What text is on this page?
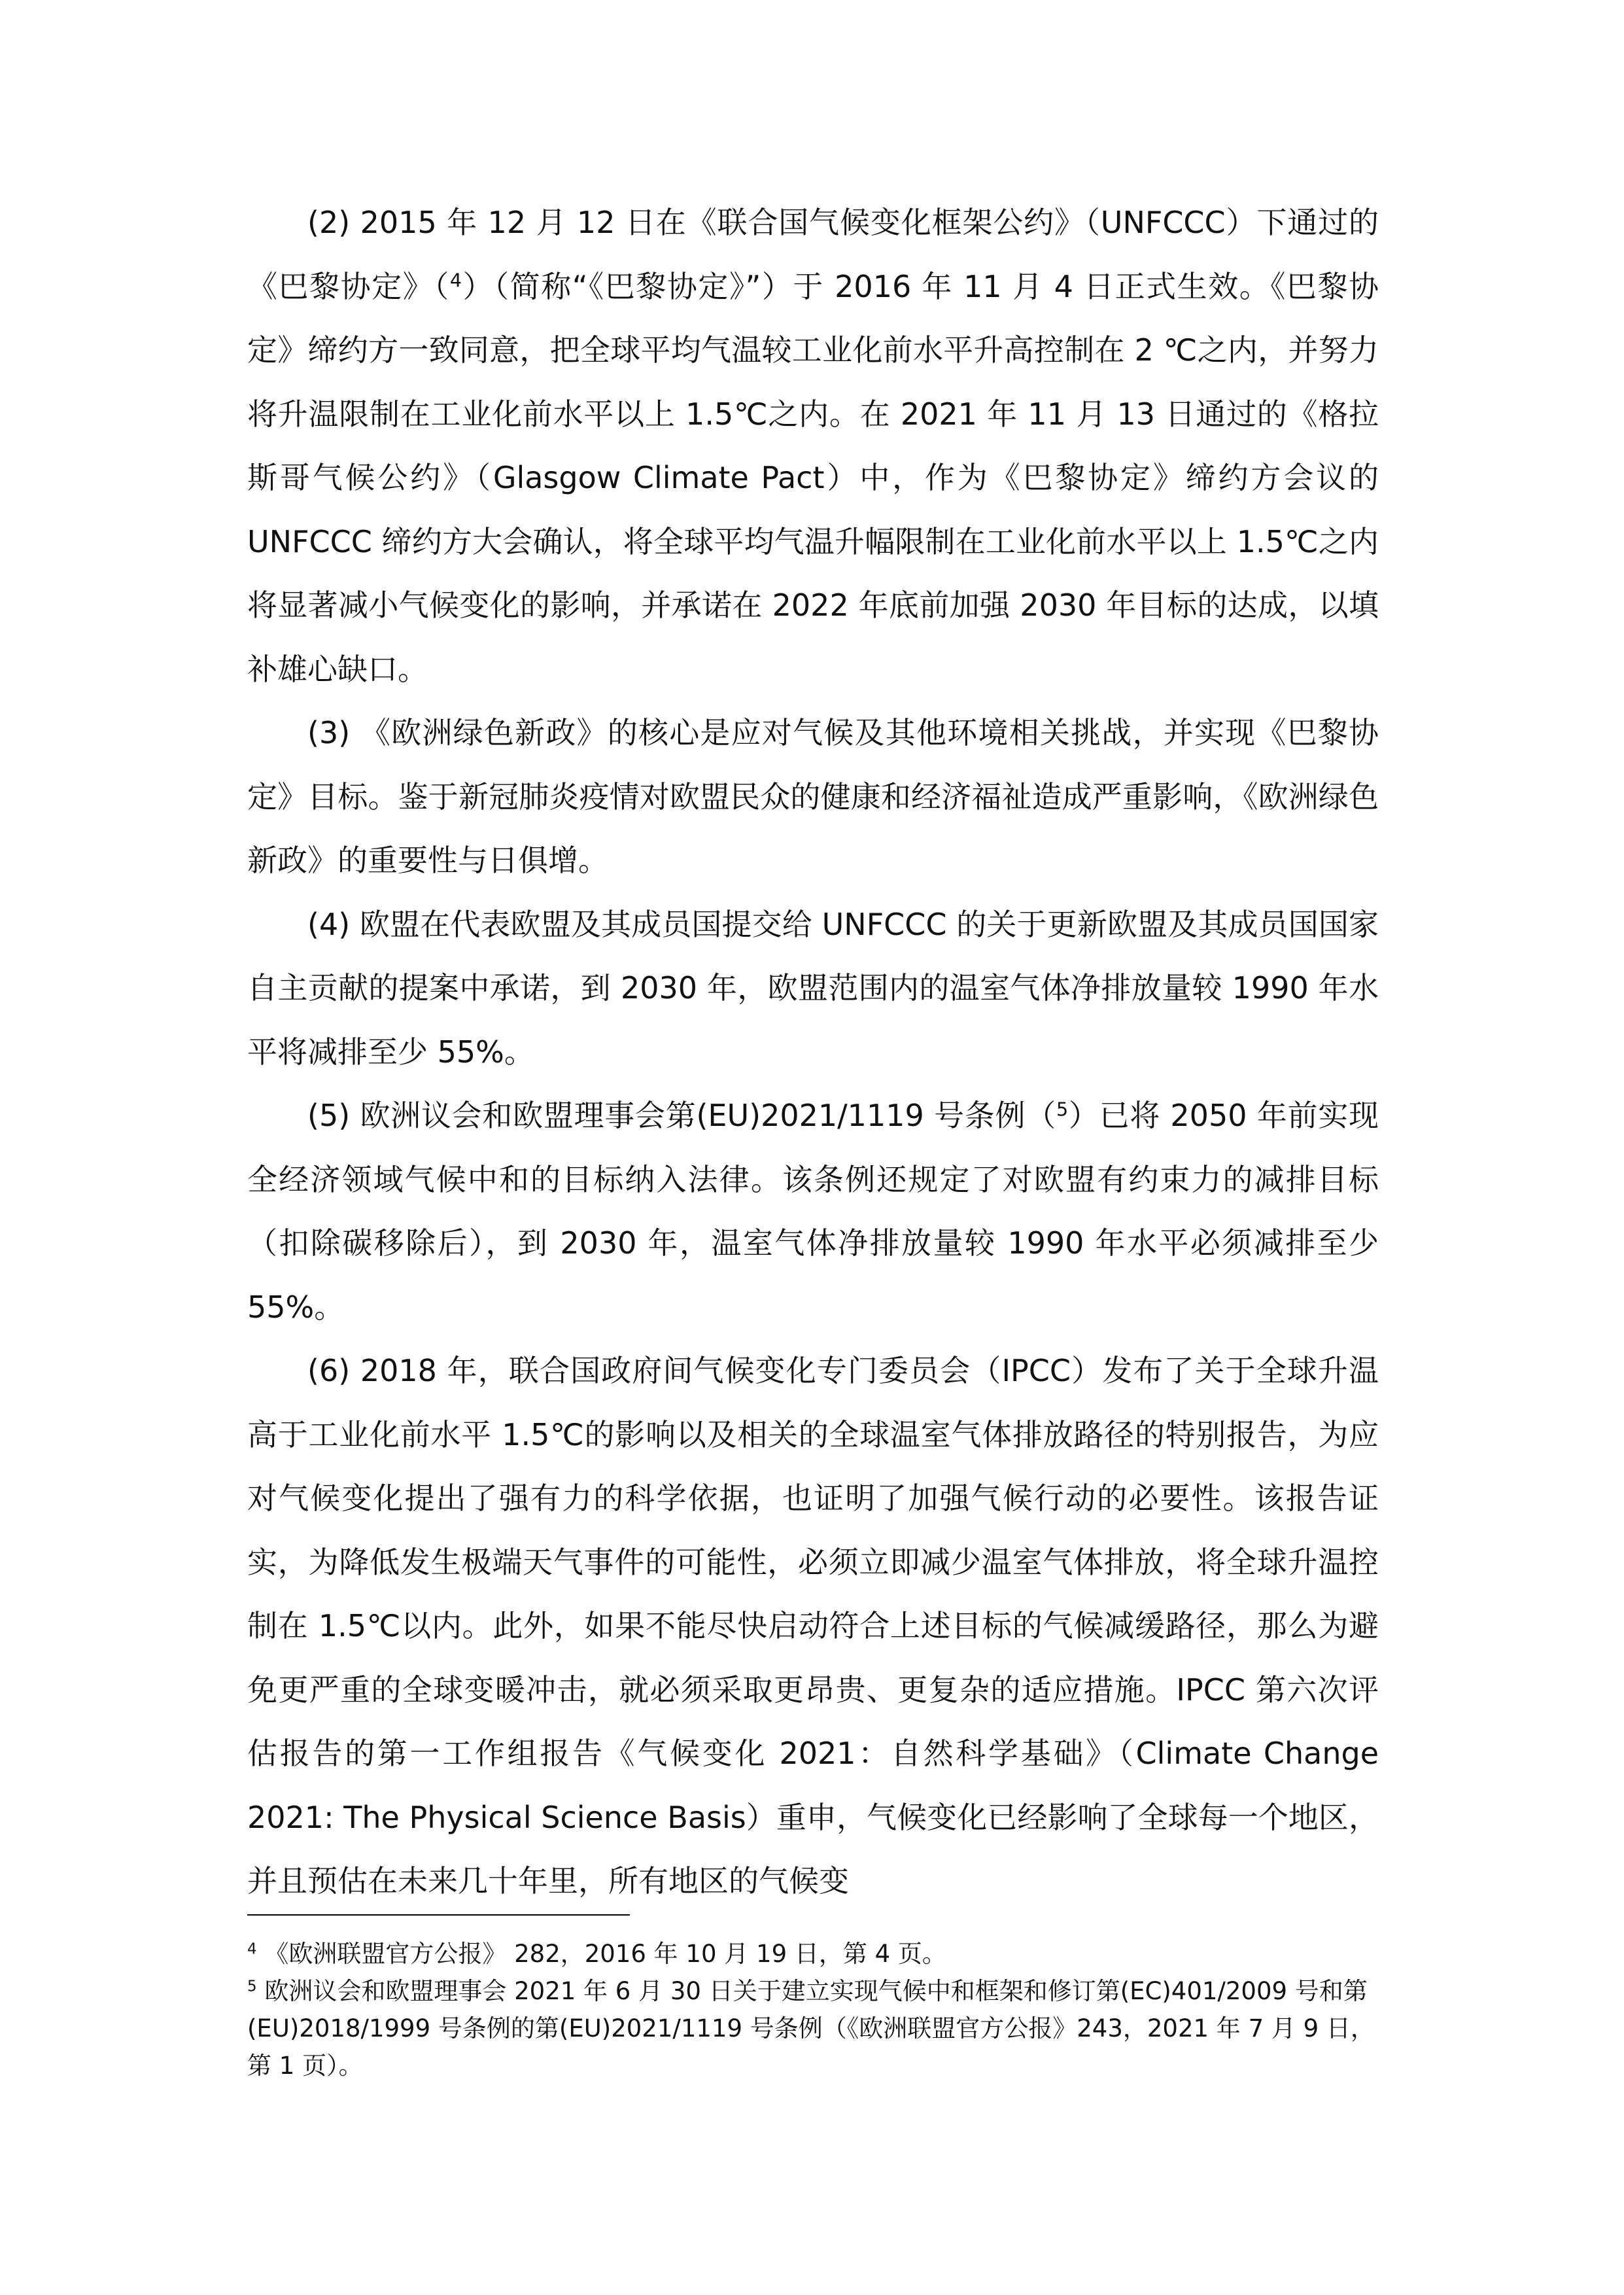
(2) 2015 年 12 月 12 日在《联合国气候变化框架公约》（UNFCCC）下通过的《巴黎协定》（$^4$）（简称“《巴黎协定》”）于 2016 年 11 月 4 日正式生效。《巴黎协定》缔约方一致同意，把全球平均气温较工业化前水平升高控制在 2 ℃之内，并努力将升温限制在工业化前水平以上 1.5℃之内。在 2021 年 11 月 13 日通过的《格拉斯哥气候公约》（Glasgow Climate Pact）中，作为《巴黎协定》缔约方会议的 UNFCCC 缔约方大会确认，将全球平均气温升幅限制在工业化前水平以上 1.5℃之内将显著减小气候变化的影响，并承诺在 2022 年底前加强 2030 年目标的达成，以填补雄心缺口。

(3) 《欧洲绿色新政》的核心是应对气候及其他环境相关挑战，并实现《巴黎协定》目标。鉴于新冠肺炎疫情对欧盟民众的健康和经济福祉造成严重影响，《欧洲绿色新政》的重要性与日俱增。

(4) 欧盟在代表欧盟及其成员国提交给 UNFCCC 的关于更新欧盟及其成员国国家自主贡献的提案中承诺，到 2030 年，欧盟范围内的温室气体净排放量较 1990 年水平将减排至少 55%。

(5) 欧洲议会和欧盟理事会第(EU)2021/1119 号条例（$^5$）已将 2050 年前实现全经济领域气候中和的目标纳入法律。该条例还规定了对欧盟有约束力的减排目标（扣除碳移除后），到 2030 年，温室气体净排放量较 1990 年水平必须减排至少 55%。

(6) 2018 年，联合国政府间气候变化专门委员会（IPCC）发布了关于全球升温高于工业化前水平 1.5℃的影响以及相关的全球温室气体排放路径的特别报告，为应对气候变化提出了强有力的科学依据，也证明了加强气候行动的必要性。该报告证实，为降低发生极端天气事件的可能性，必须立即减少温室气体排放，将全球升温控制在 1.5℃以内。此外，如果不能尽快启动符合上述目标的气候减缓路径，那么为避免更严重的全球变暖冲击，就必须采取更昂贵、更复杂的适应措施。IPCC 第六次评估报告的第一工作组报告《气候变化 2021：自然科学基础》（Climate Change 2021: The Physical Science Basis）重申，气候变化已经影响了全球每一个地区，并且预估在未来几十年里，所有地区的气候变

$^4$ 《欧洲联盟官方公报》 282，2016 年 10 月 19 日，第 4 页。

$^5$ 欧洲议会和欧盟理事会 2021 年 6 月 30 日关于建立实现气候中和框架和修订第(EC)401/2009 号和第(EU)2018/1999 号条例的第(EU)2021/1119 号条例（《欧洲联盟官方公报》243，2021 年 7 月 9 日，第 1 页）。
